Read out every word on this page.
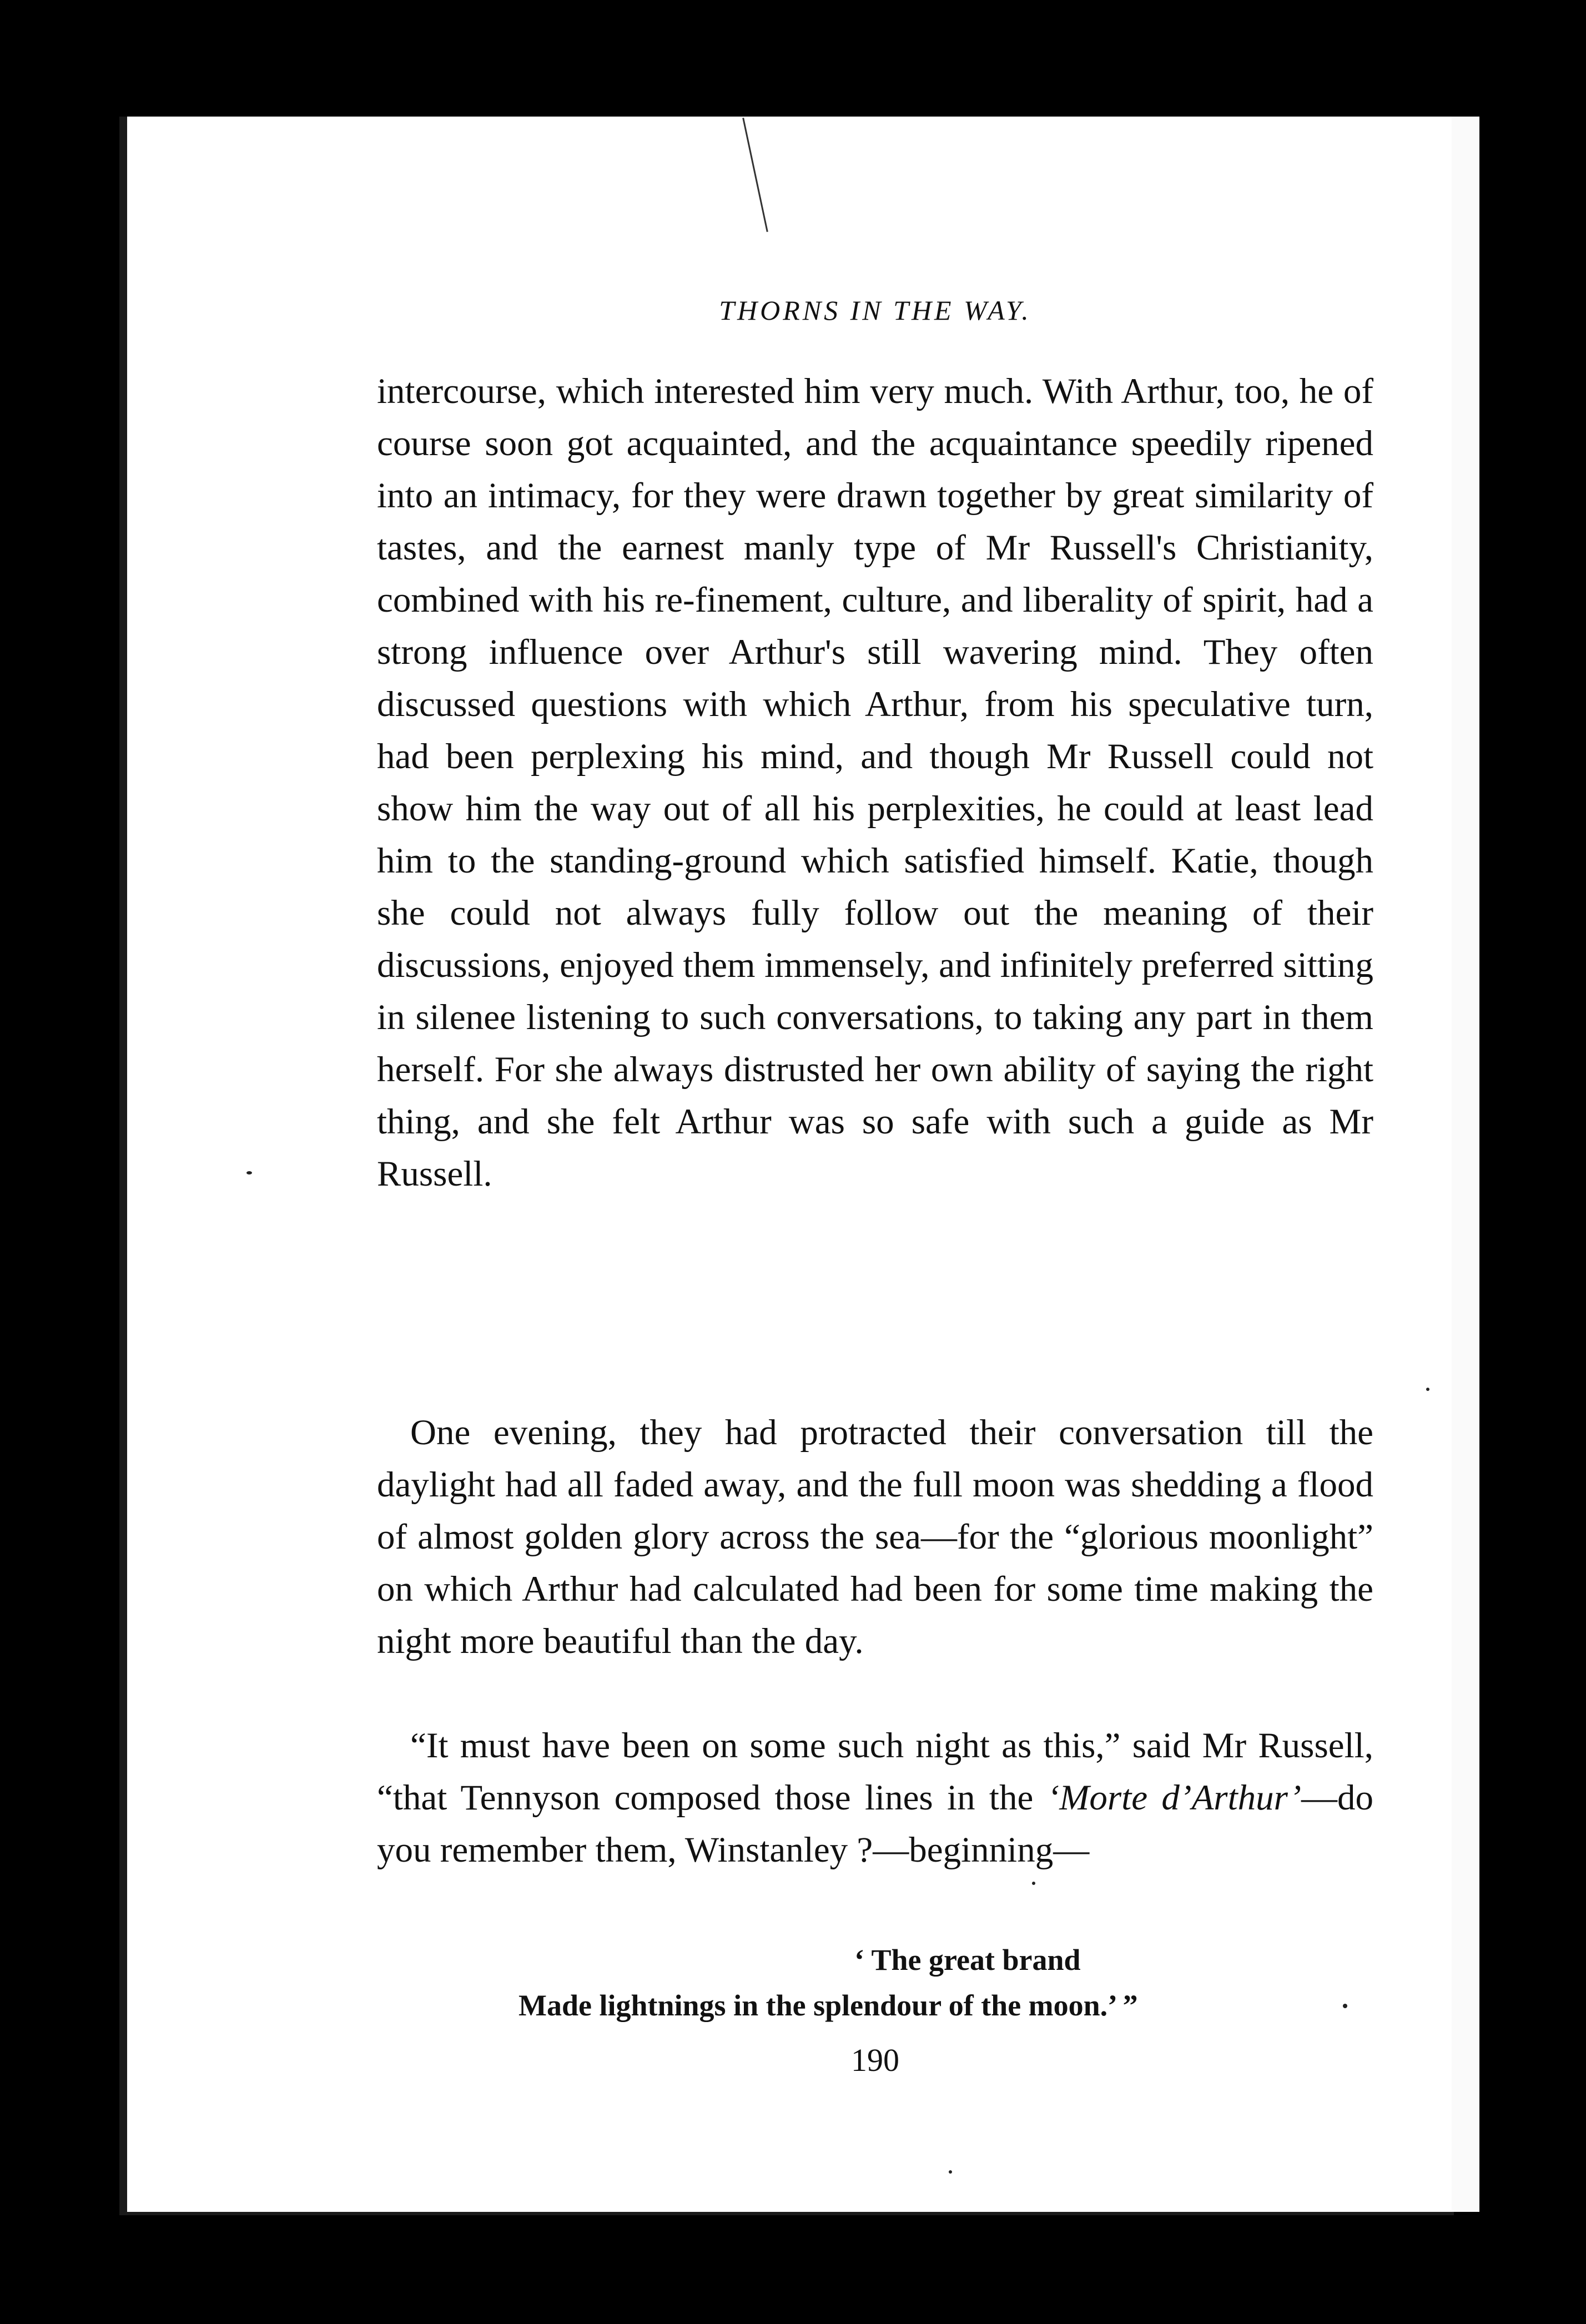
THORNS IN THE WAY.

intercourse, which interested him very much. With Arthur, too, he of course soon got acquainted, and the acquaintance speedily ripened into an intimacy, for they were drawn together by great similarity of tastes, and the earnest manly type of Mr Russell's Christianity, combined with his re-finement, culture, and liberality of spirit, had a strong influence over Arthur's still wavering mind. They often discussed questions with which Arthur, from his speculative turn, had been perplexing his mind, and though Mr Russell could not show him the way out of all his perplexities, he could at least lead him to the standing-ground which satisfied himself. Katie, though she could not always fully follow out the meaning of their discussions, enjoyed them immensely, and infinitely preferred sitting in silenee listening to such conversations, to taking any part in them herself. For she always distrusted her own ability of saying the right thing, and she felt Arthur was so safe with such a guide as Mr Russell.

One evening, they had protracted their conversation till the daylight had all faded away, and the full moon was shedding a flood of almost golden glory across the sea—for the “glorious moonlight” on which Arthur had calculated had been for some time making the night more beautiful than the day.

“It must have been on some such night as this,” said Mr Russell, “that Tennyson composed those lines in the ‘Morte d’Arthur’—do you remember them, Winstanley ?—beginning—

‘ The great brand
Made lightnings in the splendour of the moon.’ ”
190
